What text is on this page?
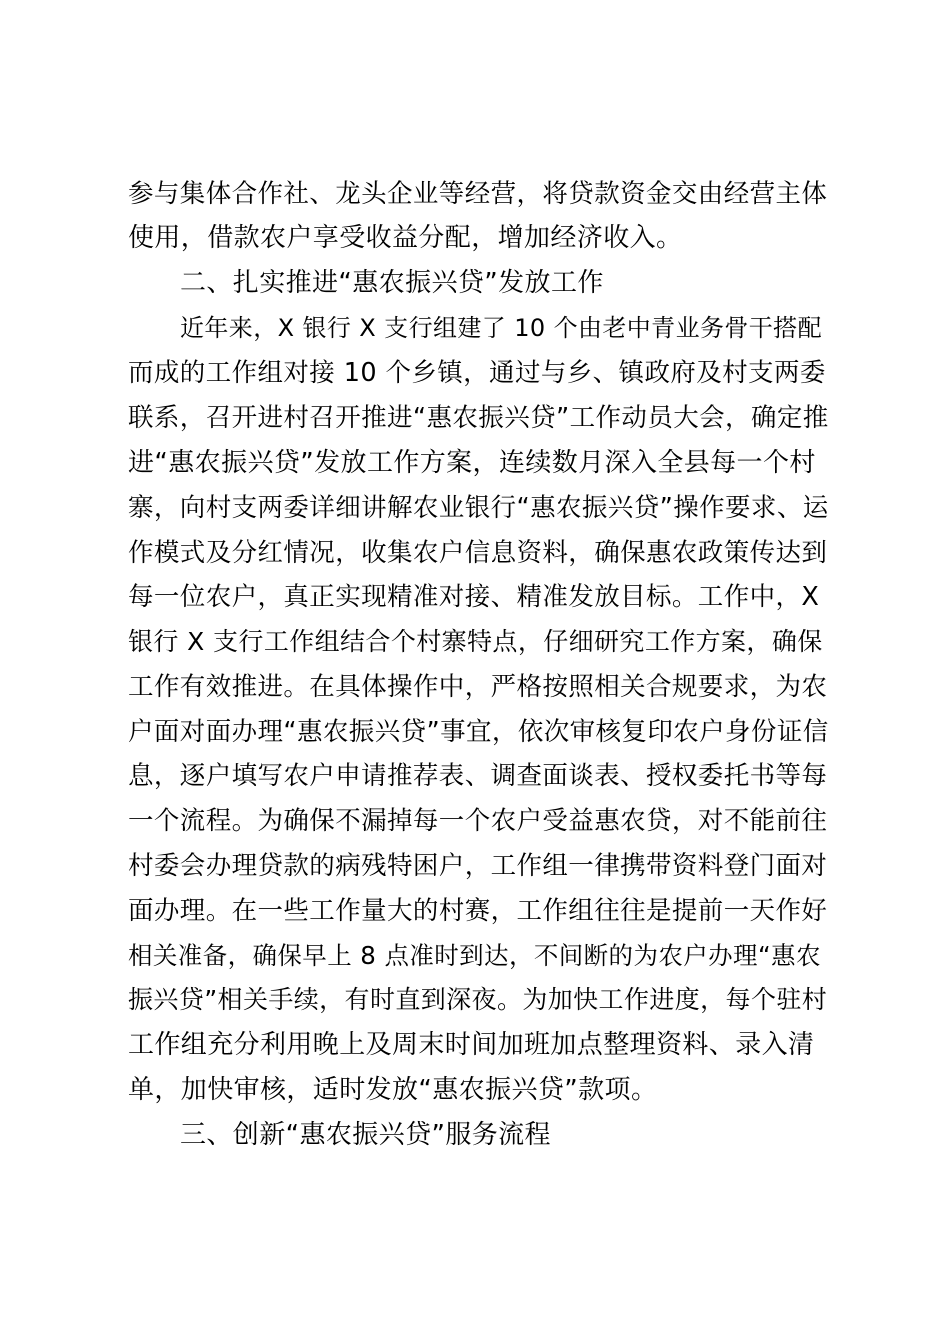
参与集体合作社、龙头企业等经营，将贷款资金交由经营主体
使用，借款农户享受收益分配，增加经济收入。
二、扎实推进“惠农振兴贷”发放工作
近年来，X 银行 X 支行组建了 10 个由老中青业务骨干搭配
而成的工作组对接 10 个乡镇，通过与乡、镇政府及村支两委
联系，召开进村召开推进“惠农振兴贷”工作动员大会，确定推
进“惠农振兴贷”发放工作方案，连续数月深入全县每一个村
寨，向村支两委详细讲解农业银行“惠农振兴贷”操作要求、运
作模式及分红情况，收集农户信息资料，确保惠农政策传达到
每一位农户，真正实现精准对接、精准发放目标。工作中，X
银行 X 支行工作组结合个村寨特点，仔细研究工作方案，确保
工作有效推进。在具体操作中，严格按照相关合规要求，为农
户面对面办理“惠农振兴贷”事宜，依次审核复印农户身份证信
息，逐户填写农户申请推荐表、调查面谈表、授权委托书等每
一个流程。为确保不漏掉每一个农户受益惠农贷，对不能前往
村委会办理贷款的病残特困户，工作组一律携带资料登门面对
面办理。在一些工作量大的村赛，工作组往往是提前一天作好
相关准备，确保早上 8 点准时到达，不间断的为农户办理“惠农
振兴贷”相关手续，有时直到深夜。为加快工作进度，每个驻村
工作组充分利用晚上及周末时间加班加点整理资料、录入清
单，加快审核，适时发放“惠农振兴贷”款项。
三、创新“惠农振兴贷”服务流程
